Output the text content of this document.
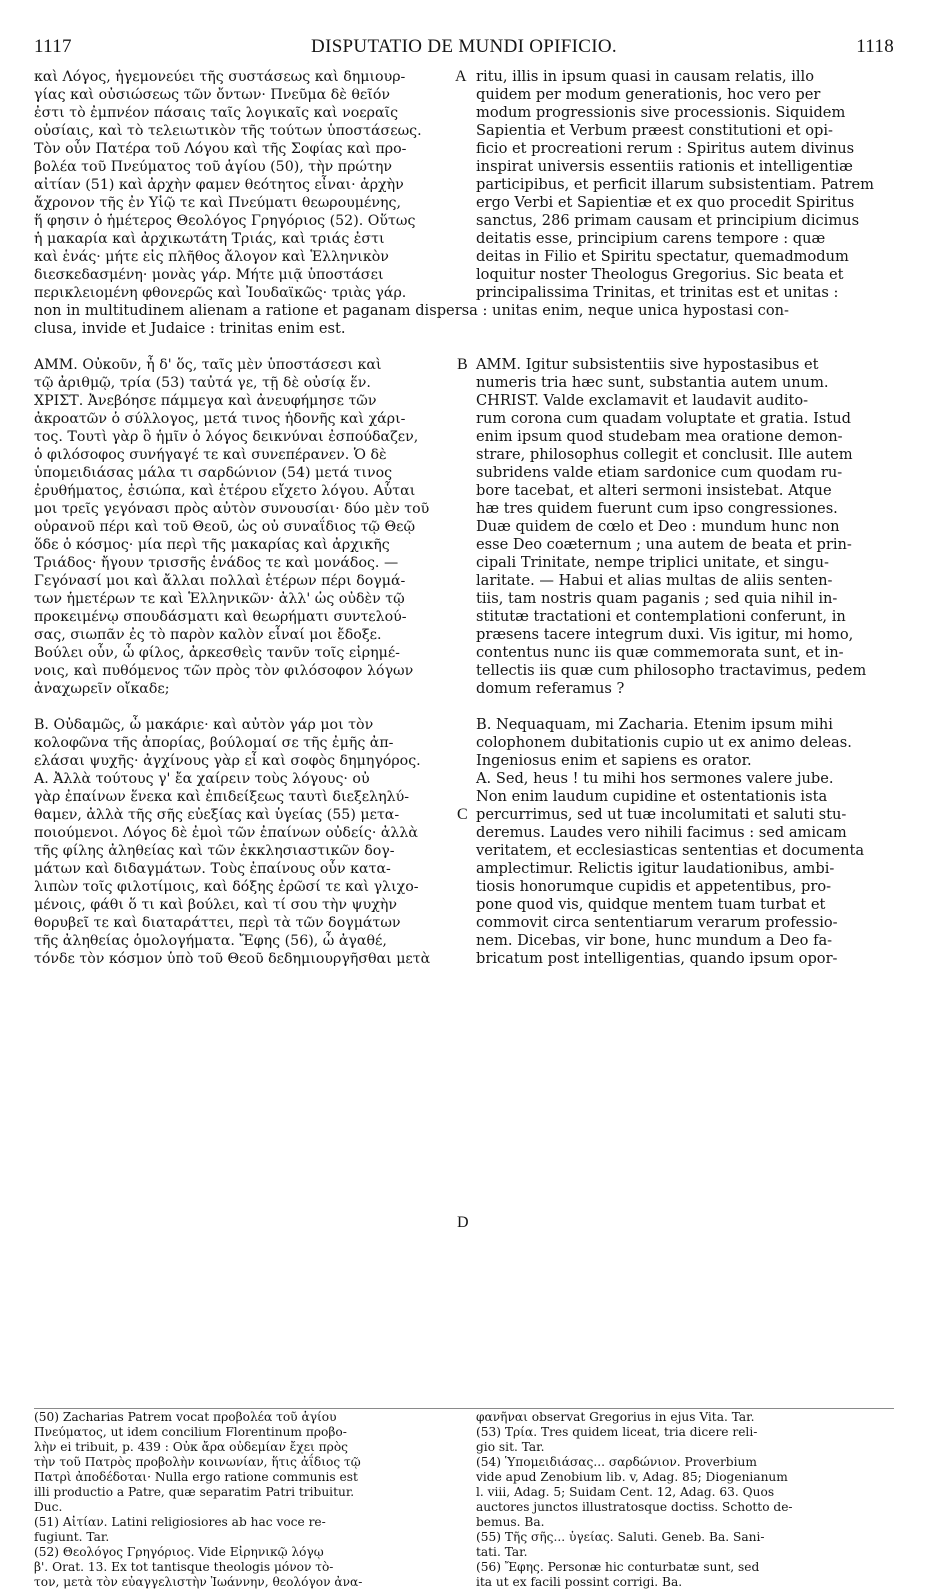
1117	DISPUTATIO DE MUNDI OPIFICIO.	1118
καὶ Λόγος, ἡγεμονεύει τῆς συστάσεως καὶ δημιουρ-
γίας καὶ οὐσιώσεως τῶν ὄντων· Πνεῦμα δὲ θεῖόν
ἐστι τὸ ἐμπνέον πάσαις ταῖς λογικαῖς καὶ νοεραῖς
οὐσίαις, καὶ τὸ τελειωτικὸν τῆς τούτων ὑποστάσεως.
Τὸν οὖν Πατέρα τοῦ Λόγου καὶ τῆς Σοφίας καὶ προ-
βολέα τοῦ Πνεύματος τοῦ ἁγίου (50), τὴν πρώτην
αἰτίαν (51) καὶ ἀρχὴν φαμεν θεότητος εἶναι· ἀρχὴν
ἄχρονον τῆς ἐν Υἱῷ τε καὶ Πνεύματι θεωρουμένης,
ἥ φησιν ὁ ἡμέτερος Θεολόγος Γρηγόριος (52). Οὕτως
ἡ μακαρία καὶ ἀρχικωτάτη Τριάς, καὶ τριάς ἐστι
καὶ ἑνάς· μήτε εἰς πλῆθος ἄλογον καὶ Ἑλληνικὸν
διεσκεδασμένη· μονὰς γάρ. Μήτε μιᾷ ὑποστάσει
περικλειομένη φθονερῶς καὶ Ἰουδαϊκῶς· τριὰς γάρ.
ritu, illis in ipsum quasi in causam relatis, illo
quidem per modum generationis, hoc vero per
modum progressionis sive processionis. Siquidem
Sapientia et Verbum præest constitutioni et opi-
ficio et procreationi rerum : Spiritus autem divinus
inspirat universis essentiis rationis et intelligentiæ
participibus, et perficit illarum subsistentiam. Patrem
ergo Verbi et Sapientiæ et ex quo procedit Spiritus
sanctus, 286 primam causam et principium dicimus
deitatis esse, principium carens tempore : quæ
deitas in Filio et Spiritu spectatur, quemadmodum
loquitur noster Theologus Gregorius. Sic beata et
principalissima Trinitas, et trinitas est et unitas :
non in multitudinem alienam a ratione et paganam dispersa : unitas enim, neque unica hypostasi con-
clusa, invide et Judaice : trinitas enim est.
ΑΜΜ. Οὐκοῦν, ἦ δ' ὅς, ταῖς μὲν ὑποστάσεσι καὶ
τῷ ἀριθμῷ, τρία (53) ταὐτά γε, τῇ δὲ οὐσίᾳ ἕν.
ΧΡΙΣΤ. Ἀνεβόησε πάμμεγα καὶ ἀνευφήμησε τῶν
ἀκροατῶν ὁ σύλλογος, μετά τινος ἡδονῆς καὶ χάρι-
τος. Τουτὶ γὰρ ὃ ἡμῖν ὁ λόγος δεικνύναι ἐσπούδαζεν,
ὁ φιλόσοφος συνήγαγέ τε καὶ συνεπέρανεν. Ὁ δὲ
ὑπομειδιάσας μάλα τι σαρδώνιον (54) μετά τινος
ἐρυθήματος, ἐσιώπα, καὶ ἑτέρου εἴχετο λόγου. Αὗται
μοι τρεῖς γεγόνασι πρὸς αὐτὸν συνουσίαι· δύο μὲν τοῦ
οὐρανοῦ πέρι καὶ τοῦ Θεοῦ, ὡς οὐ συναΐδιος τῷ Θεῷ
ὅδε ὁ κόσμος· μία περὶ τῆς μακαρίας καὶ ἀρχικῆς
Τριάδος· ἤγουν τρισσῆς ἑνάδος τε καὶ μονάδος. —
Γεγόνασί μοι καὶ ἄλλαι πολλαὶ ἑτέρων πέρι δογμά-
των ἡμετέρων τε καὶ Ἑλληνικῶν· ἀλλ' ὡς οὐδὲν τῷ
προκειμένῳ σπουδάσματι καὶ θεωρήματι συντελού-
σας, σιωπᾶν ἐς τὸ παρὸν καλὸν εἶναί μοι ἔδοξε.
Βούλει οὖν, ὦ φίλος, ἀρκεσθεὶς τανῦν τοῖς εἰρημέ-
νοις, καὶ πυθόμενος τῶν πρὸς τὸν φιλόσοφον λόγων
ἀναχωρεῖν οἴκαδε;
Β. Οὐδαμῶς, ὦ μακάριε· καὶ αὐτὸν γάρ μοι τὸν
κολοφῶνα τῆς ἀπορίας, βούλομαί σε τῆς ἐμῆς ἀπ-
ελάσαι ψυχῆς· ἀγχίνους γὰρ εἶ καὶ σοφὸς δημηγόρος.
Α. Ἀλλὰ τούτους γ' ἔα χαίρειν τοὺς λόγους· οὐ
γὰρ ἐπαίνων ἕνεκα καὶ ἐπιδείξεως ταυτὶ διεξεληλύ-
θαμεν, ἀλλὰ τῆς σῆς εὐεξίας καὶ ὑγείας (55) μετα-
ποιούμενοι. Λόγος δὲ ἐμοὶ τῶν ἐπαίνων οὐδείς· ἀλλὰ
τῆς φίλης ἀληθείας καὶ τῶν ἐκκλησιαστικῶν δογ-
μάτων καὶ διδαγμάτων. Τοὺς ἐπαίνους οὖν κατα-
λιπὼν τοῖς φιλοτίμοις, καὶ δόξης ἐρῶσί τε καὶ γλιχο-
μένοις, φάθι ὅ τι καὶ βούλει, καὶ τί σου τὴν ψυχὴν
θορυβεῖ τε καὶ διαταράττει, περὶ τὰ τῶν δογμάτων
τῆς ἀληθείας ὁμολογήματα. Ἔφης (56), ὦ ἀγαθέ,
τόνδε τὸν κόσμον ὑπὸ τοῦ Θεοῦ δεδημιουργῆσθαι μετὰ
AMM. Igitur subsistentiis sive hypostasibus et
numeris tria hæc sunt, substantia autem unum.
CHRIST. Valde exclamavit et laudavit audito-
rum corona cum quadam voluptate et gratia. Istud
enim ipsum quod studebam mea oratione demon-
strare, philosophus collegit et conclusit. Ille autem
subridens valde etiam sardonice cum quodam ru-
bore tacebat, et alteri sermoni insistebat. Atque
hæ tres quidem fuerunt cum ipso congressiones.
Duæ quidem de cœlo et Deo : mundum hunc non
esse Deo coæternum ; una autem de beata et prin-
cipali Trinitate, nempe triplici unitate, et singu-
laritate. — Habui et alias multas de aliis senten-
tiis, tam nostris quam paganis ; sed quia nihil in-
stitutæ tractationi et contemplationi conferunt, in
præsens tacere integrum duxi. Vis igitur, mi homo,
contentus nunc iis quæ commemorata sunt, et in-
tellectis iis quæ cum philosopho tractavimus, pedem
domum referamus ?
B. Nequaquam, mi Zacharia. Etenim ipsum mihi
colophonem dubitationis cupio ut ex animo deleas.
Ingeniosus enim et sapiens es orator.
A. Sed, heus ! tu mihi hos sermones valere jube.
Non enim laudum cupidine et ostentationis ista
percurrimus, sed ut tuæ incolumitati et saluti stu-
deremus. Laudes vero nihili facimus : sed amicam
veritatem, et ecclesiasticas sententias et documenta
amplectimur. Relictis igitur laudationibus, ambi-
tiosis honorumque cupidis et appetentibus, pro-
pone quod vis, quidque mentem tuam turbat et
commovit circa sententiarum verarum professio-
nem. Dicebas, vir bone, hunc mundum a Deo fa-
bricatum post intelligentias, quando ipsum opor-
A
B
C
D
(50) Zacharias Patrem vocat προβολέα τοῦ ἁγίου
Πνεύματος, ut idem concilium Florentinum προβο-
λὴν ei tribuit, p. 439 : Οὐκ ἄρα οὐδεμίαν ἔχει πρὸς
τὴν τοῦ Πατρὸς προβολὴν κοινωνίαν, ἥτις ἀΐδιος τῷ
Πατρὶ ἀποδέδοται· Nulla ergo ratione communis est
illi productio a Patre, quæ separatim Patri tribuitur.
Duc.
(51) Αἰτίαν. Latini religiosiores ab hac voce re-
fugiunt. Tar.
(52) Θεολόγος Γρηγόριος. Vide Εἰρηνικῷ λόγῳ
β'. Orat. 13. Ex tot tantisque theologis μόνον τὸ-
τον, μετὰ τὸν εὐαγγελιστὴν Ἰωάννην, θεολόγον ἀνα-
φανῆναι observat Gregorius in ejus Vita. Tar.
(53) Τρία. Tres quidem liceat, tria dicere reli-
gio sit. Tar.
(54) Ὑπομειδιάσας... σαρδώνιον. Proverbium
vide apud Zenobium lib. v, Adag. 85; Diogenianum
l. viii, Adag. 5; Suidam Cent. 12, Adag. 63. Quos
auctores junctos illustratosque doctiss. Schotto de-
bemus. Ba.
(55) Τῆς σῆς... ὑγείας. Saluti. Geneb. Ba. Sani-
tati. Tar.
(56) Ἔφης. Personæ hic conturbatæ sunt, sed
ita ut ex facili possint corrigi. Ba.
